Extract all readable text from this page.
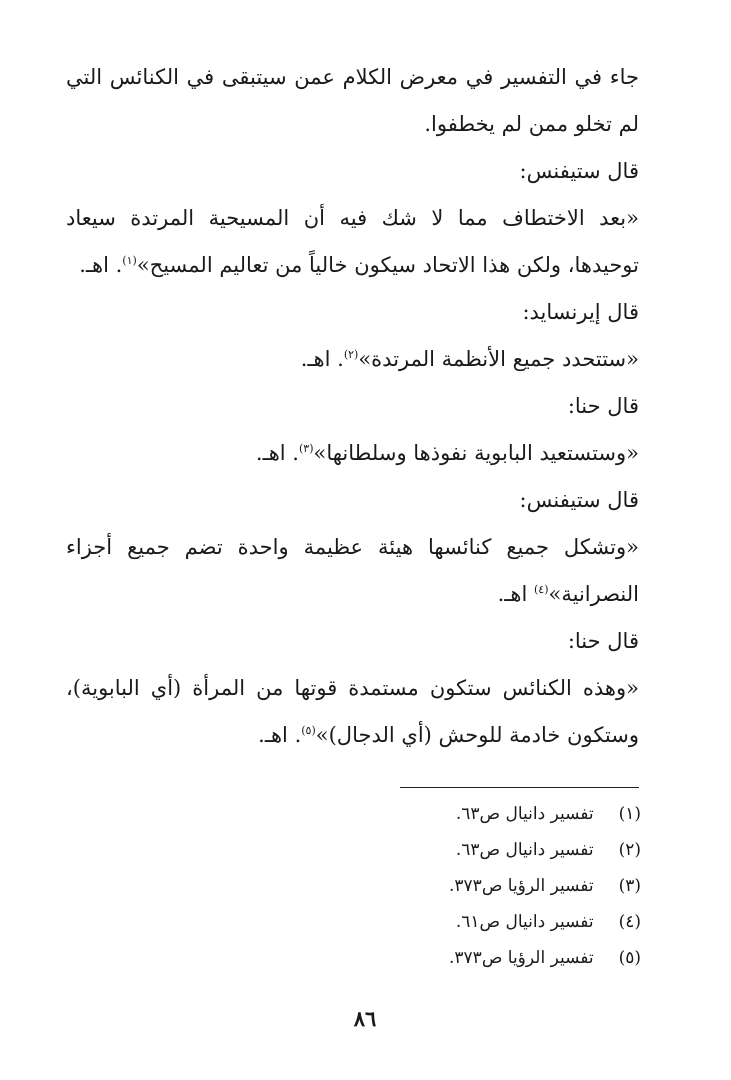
جاء في التفسير في معرض الكلام عمن سيتبقى في الكنائس التي لم تخلو ممن لم يخطفوا.

قال ستيفنس:

«بعد الاختطاف مما لا شك فيه أن المسيحية المرتدة سيعاد توحيدها، ولكن هذا الاتحاد سيكون خالياً من تعاليم المسيح»$^{(١)}$. اهـ.

قال إيرنسايد:

«ستتحدد جميع الأنظمة المرتدة»$^{(٢)}$. اهـ.

قال حنا:

«وستستعيد البابوية نفوذها وسلطانها»$^{(٣)}$. اهـ.

قال ستيفنس:

«وتشكل جميع كنائسها هيئة عظيمة واحدة تضم جميع أجزاء النصرانية»$^{(٤)}$ اهـ.

قال حنا:

«وهذه الكنائس ستكون مستمدة قوتها من المرأة (أي البابوية)، وستكون خادمة للوحش (أي الدجال)»$^{(٥)}$. اهـ.

(١) تفسير دانيال ص٦٣.
(٢) تفسير دانيال ص٦٣.
(٣) تفسير الرؤيا ص٣٧٣.
(٤) تفسير دانيال ص٦١.
(٥) تفسير الرؤيا ص٣٧٣.
٨٦
